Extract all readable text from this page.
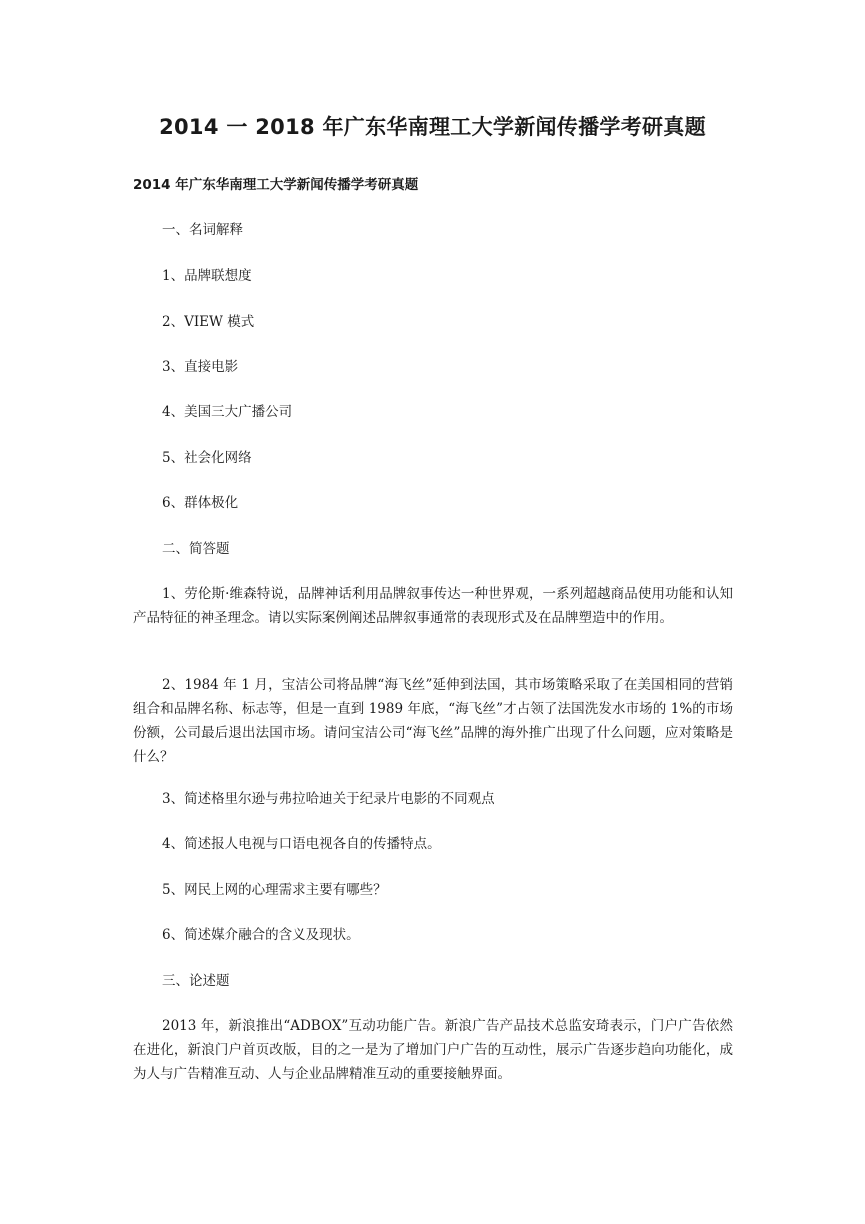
2014 一 2018 年广东华南理工大学新闻传播学考研真题
2014 年广东华南理工大学新闻传播学考研真题
一、名词解释
1、品牌联想度
2、VIEW 模式
3、直接电影
4、美国三大广播公司
5、社会化网络
6、群体极化
二、简答题
1、劳伦斯·维森特说，品牌神话利用品牌叙事传达一种世界观，一系列超越商品使用功能和认知产品特征的神圣理念。请以实际案例阐述品牌叙事通常的表现形式及在品牌塑造中的作用。
2、1984 年 1 月，宝洁公司将品牌“海飞丝”延伸到法国，其市场策略采取了在美国相同的营销组合和品牌名称、标志等，但是一直到 1989 年底，“海飞丝”才占领了法国洗发水市场的 1%的市场份额，公司最后退出法国市场。请问宝洁公司“海飞丝”品牌的海外推广出现了什么问题，应对策略是什么？
3、简述格里尔逊与弗拉哈迪关于纪录片电影的不同观点
4、简述报人电视与口语电视各自的传播特点。
5、网民上网的心理需求主要有哪些？
6、简述媒介融合的含义及现状。
三、论述题
2013 年，新浪推出“ADBOX”互动功能广告。新浪广告产品技术总监安琦表示，门户广告依然在进化，新浪门户首页改版，目的之一是为了增加门户广告的互动性，展示广告逐步趋向功能化，成为人与广告精准互动、人与企业品牌精准互动的重要接触界面。
